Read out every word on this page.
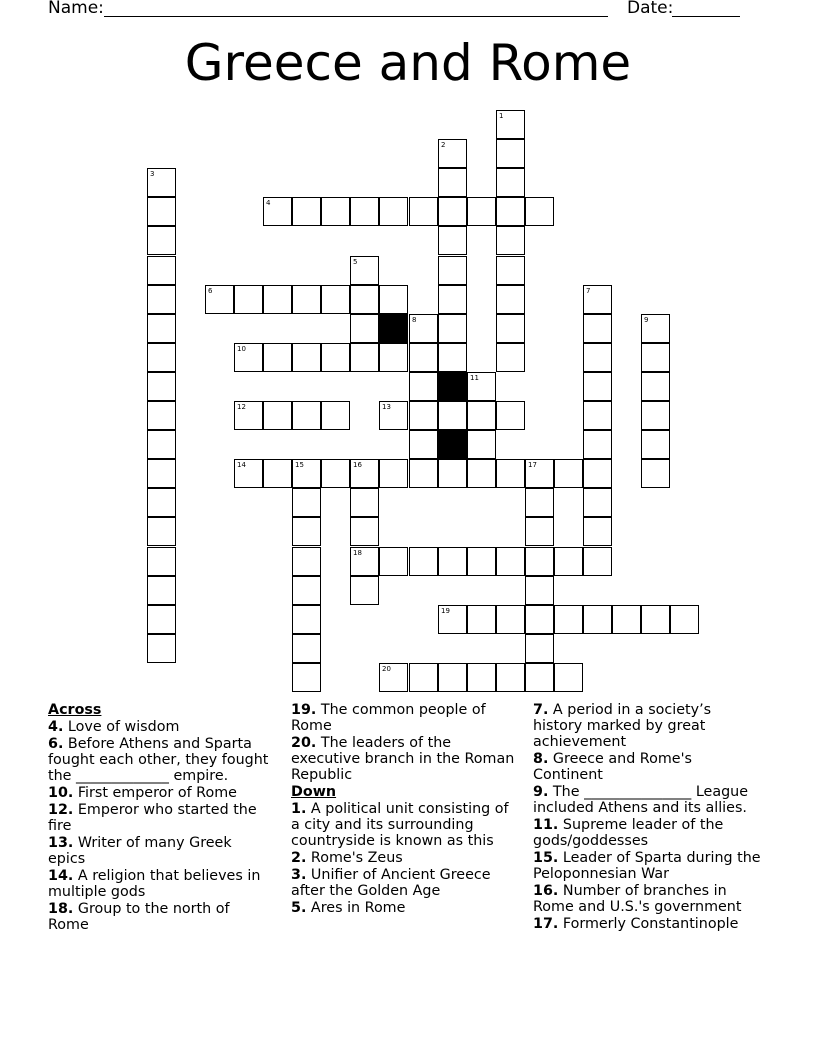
Name:	Date:
Greece and Rome
1
2
3
4
5
6	7
8	9
10
11
12	13
14	15	16	17
18
19
20
Across
4. Love of wisdom
6. Before Athens and Sparta fought each other, they fought the _____________ empire.
10. First emperor of Rome
12. Emperor who started the fire
13. Writer of many Greek epics
14. A religion that believes in multiple gods
18. Group to the north of Rome
19. The common people of Rome
20. The leaders of the executive branch in the Roman Republic
Down
1. A political unit consisting of a city and its surrounding countryside is known as this
2. Rome's Zeus
3. Unifier of Ancient Greece after the Golden Age
5. Ares in Rome
7. A period in a society’s history marked by great achievement
8. Greece and Rome's Continent
9. The _______________ League included Athens and its allies.
11. Supreme leader of the gods/goddesses
15. Leader of Sparta during the Peloponnesian War
16. Number of branches in Rome and U.S.'s government
17. Formerly Constantinople
